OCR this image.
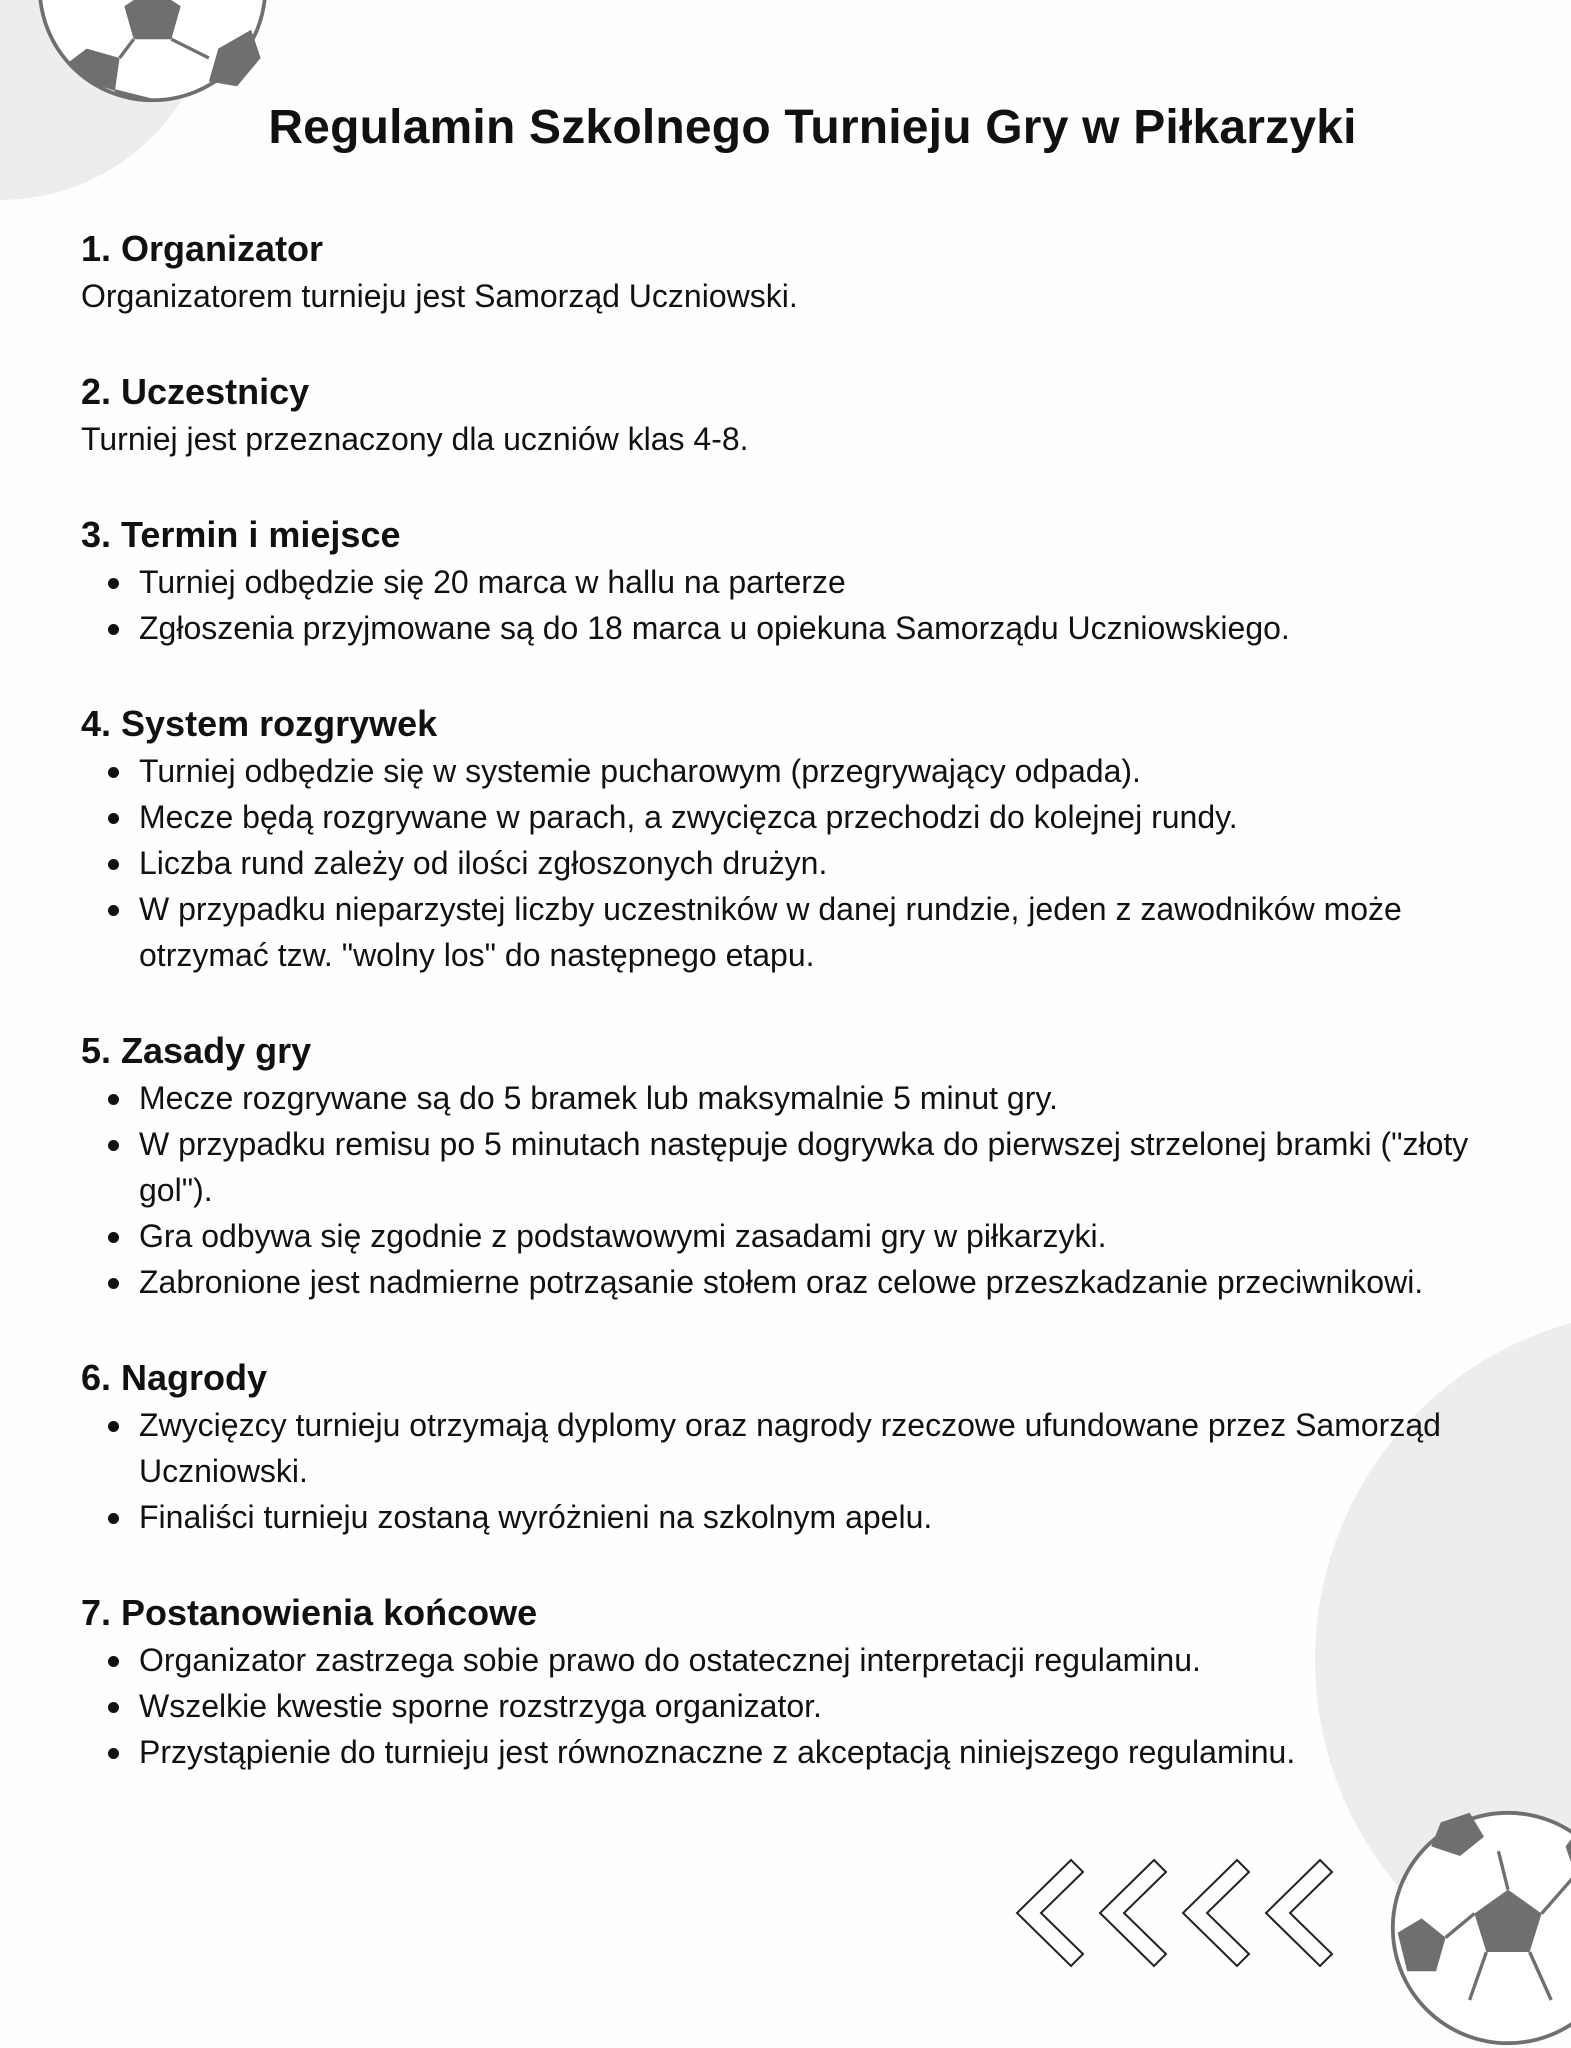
Regulamin Szkolnego Turnieju Gry w Piłkarzyki
1. Organizator

Organizatorem turnieju jest Samorząd Uczniowski.

2. Uczestnicy

Turniej jest przeznaczony dla uczniów klas 4-8.

3. Termin i miejsce
Turniej odbędzie się 20 marca w hallu na parterze
Zgłoszenia przyjmowane są do 18 marca u opiekuna Samorządu Uczniowskiego.
4. System rozgrywek
Turniej odbędzie się w systemie pucharowym (przegrywający odpada).
Mecze będą rozgrywane w parach, a zwycięzca przechodzi do kolejnej rundy.
Liczba rund zależy od ilości zgłoszonych drużyn.
W przypadku nieparzystej liczby uczestników w danej rundzie, jeden z zawodników może otrzymać tzw. "wolny los" do następnego etapu.
5. Zasady gry
Mecze rozgrywane są do 5 bramek lub maksymalnie 5 minut gry.
W przypadku remisu po 5 minutach następuje dogrywka do pierwszej strzelonej bramki ("złoty gol").
Gra odbywa się zgodnie z podstawowymi zasadami gry w piłkarzyki.
Zabronione jest nadmierne potrząsanie stołem oraz celowe przeszkadzanie przeciwnikowi.
6. Nagrody
Zwycięzcy turnieju otrzymają dyplomy oraz nagrody rzeczowe ufundowane przez Samorząd Uczniowski.
Finaliści turnieju zostaną wyróżnieni na szkolnym apelu.
7. Postanowienia końcowe
Organizator zastrzega sobie prawo do ostatecznej interpretacji regulaminu.
Wszelkie kwestie sporne rozstrzyga organizator.
Przystąpienie do turnieju jest równoznaczne z akceptacją niniejszego regulaminu.
